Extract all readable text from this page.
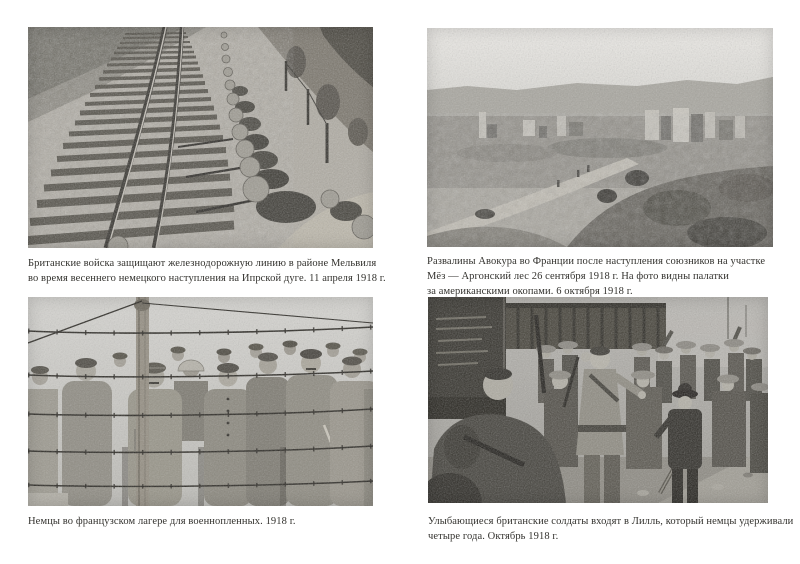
Британские войска защищают железнодорожную линию в районе Мельвиля
во время весеннего немецкого наступления на Ипрской дуге. 11 апреля 1918 г.
Развалины Авокура во Франции после наступления союзников на участке
Мёз — Аргонский лес 26 сентября 1918 г. На фото видны палатки
за американскими окопами. 6 октября 1918 г.
Немцы во французском лагере для военнопленных. 1918 г.	Улыбающиеся британские солдаты входят в Лилль, который немцы удерживали
четыре года. Октябрь 1918 г.
